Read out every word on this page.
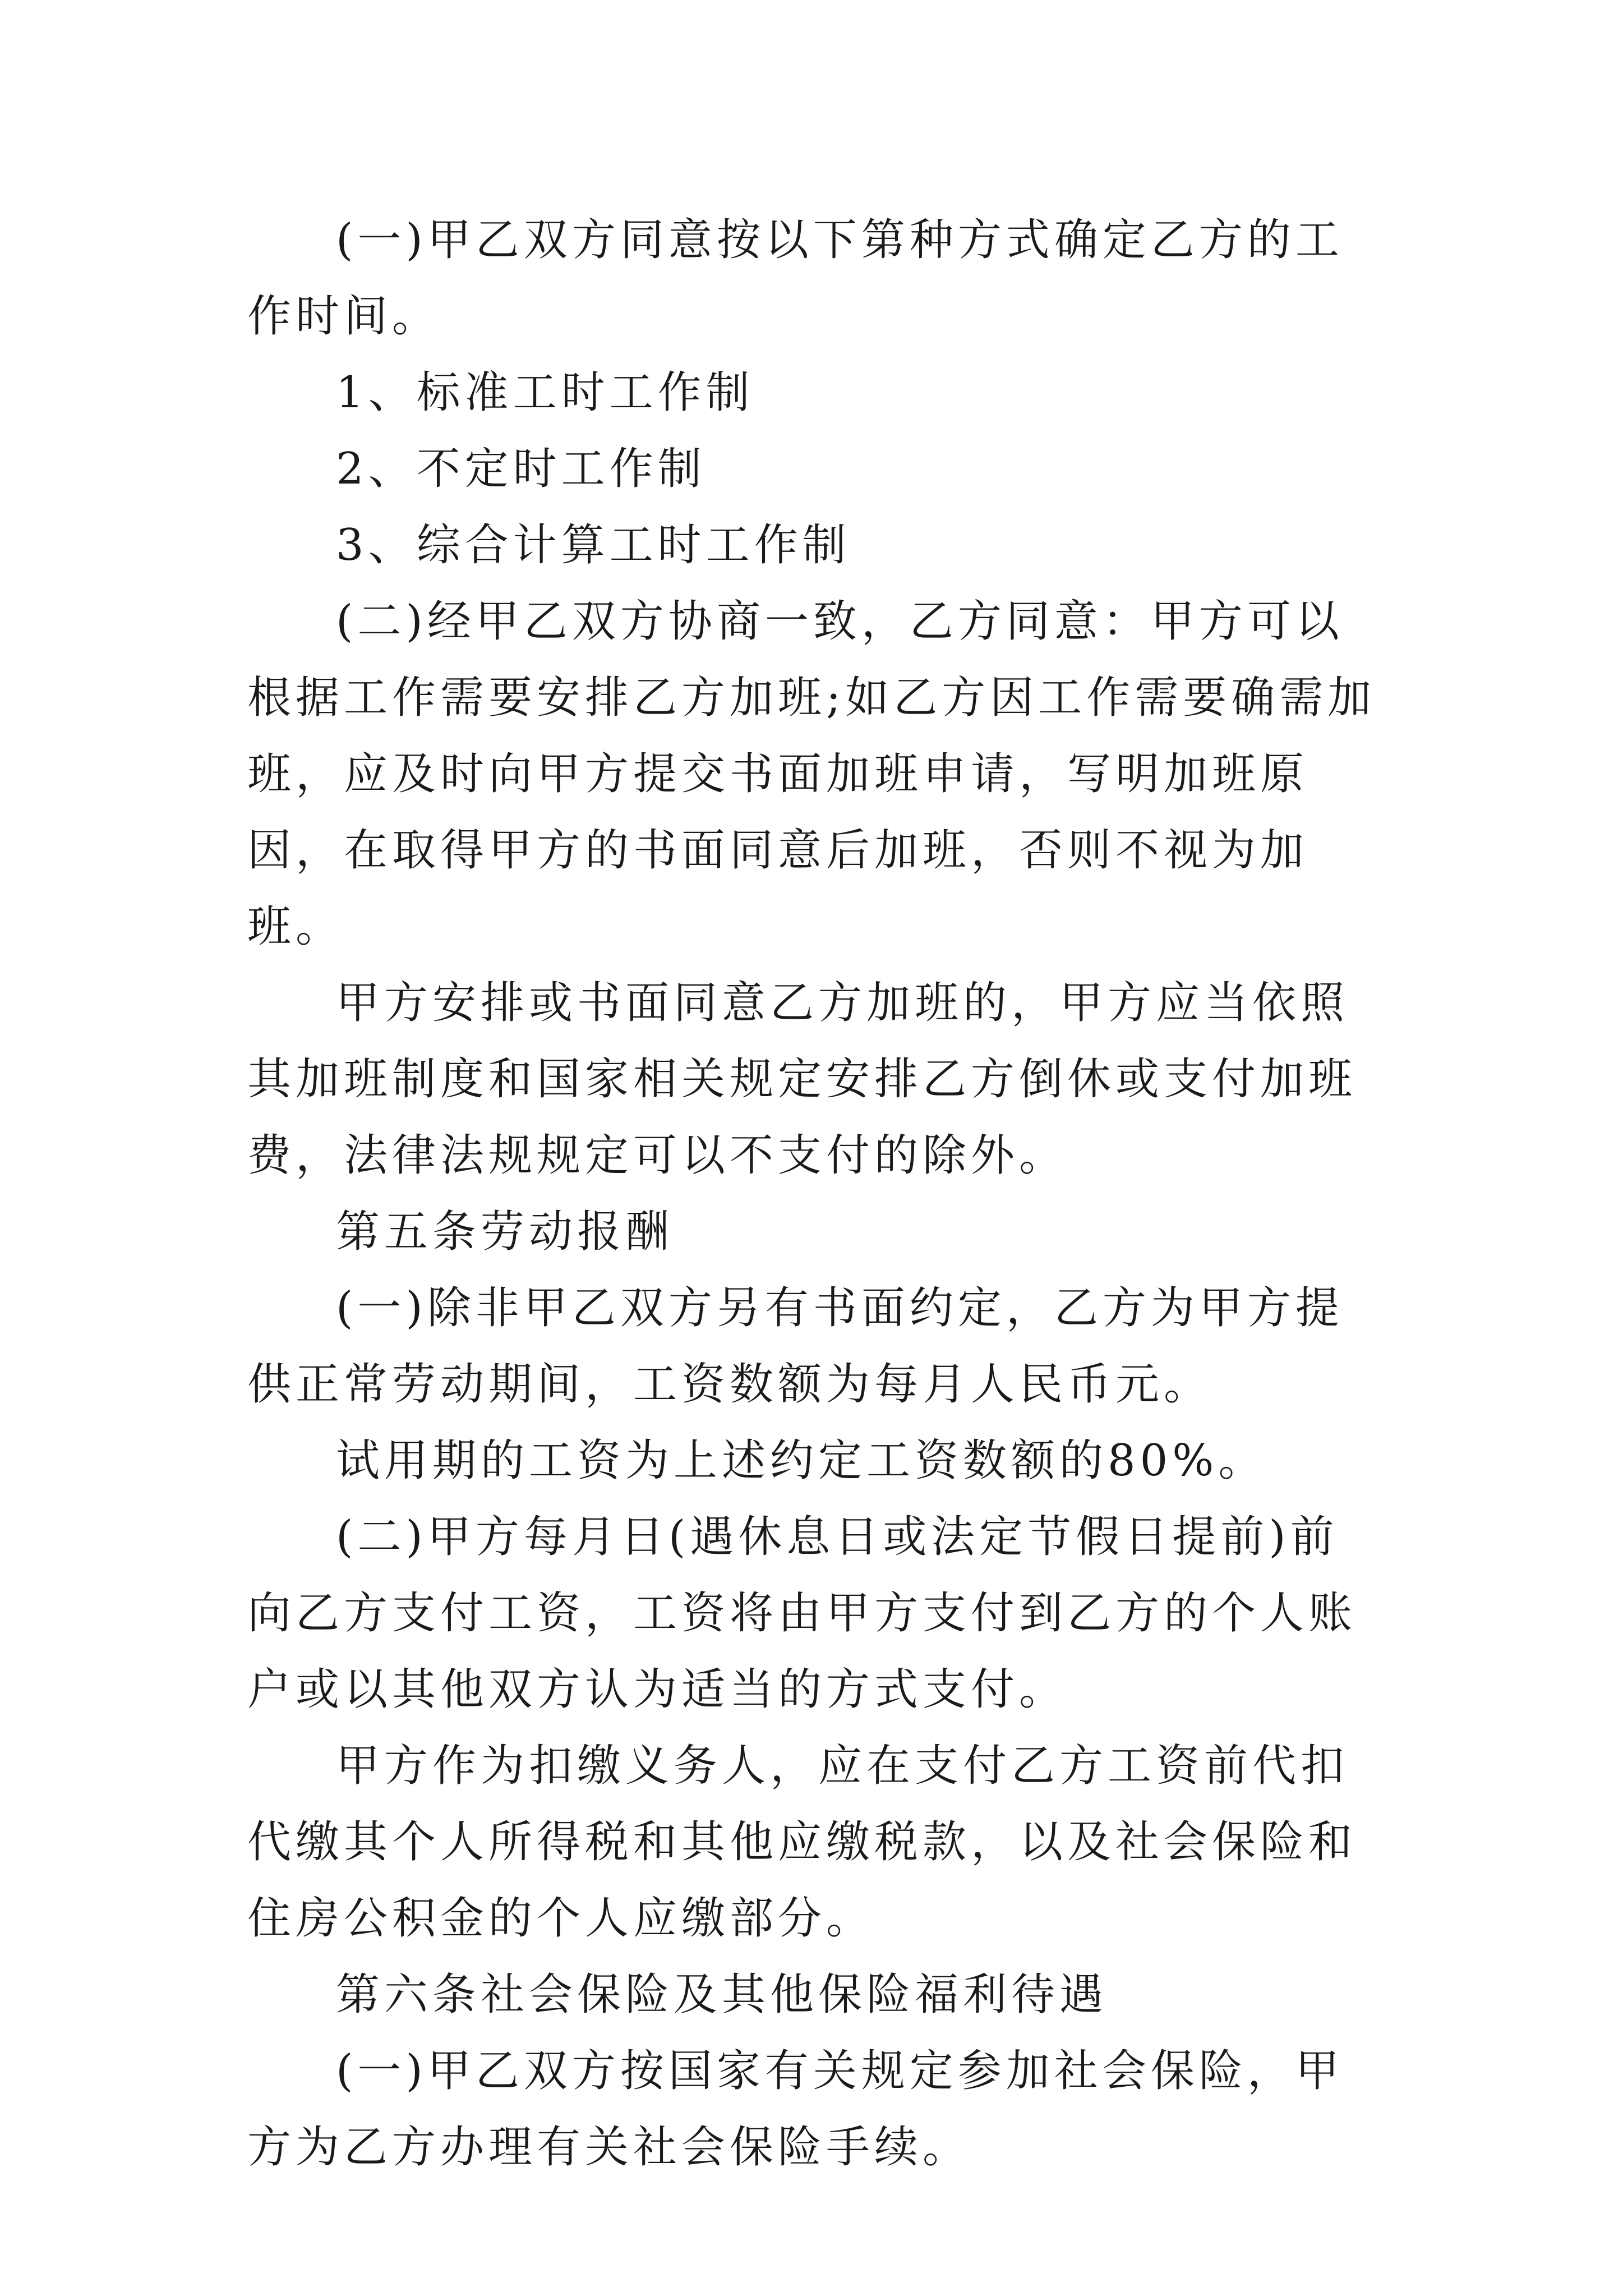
(一)甲乙双方同意按以下第种方式确定乙方的工作时间。

1、标准工时工作制

2、不定时工作制

3、综合计算工时工作制

(二)经甲乙双方协商一致，乙方同意：甲方可以根据工作需要安排乙方加班;如乙方因工作需要确需加班，应及时向甲方提交书面加班申请，写明加班原因，在取得甲方的书面同意后加班，否则不视为加班。

甲方安排或书面同意乙方加班的，甲方应当依照其加班制度和国家相关规定安排乙方倒休或支付加班费，法律法规规定可以不支付的除外。

第五条劳动报酬

(一)除非甲乙双方另有书面约定，乙方为甲方提供正常劳动期间，工资数额为每月人民币元。

试用期的工资为上述约定工资数额的80%。

(二)甲方每月日(遇休息日或法定节假日提前)前向乙方支付工资，工资将由甲方支付到乙方的个人账户或以其他双方认为适当的方式支付。

甲方作为扣缴义务人，应在支付乙方工资前代扣代缴其个人所得税和其他应缴税款，以及社会保险和住房公积金的个人应缴部分。

第六条社会保险及其他保险福利待遇

(一)甲乙双方按国家有关规定参加社会保险，甲方为乙方办理有关社会保险手续。
